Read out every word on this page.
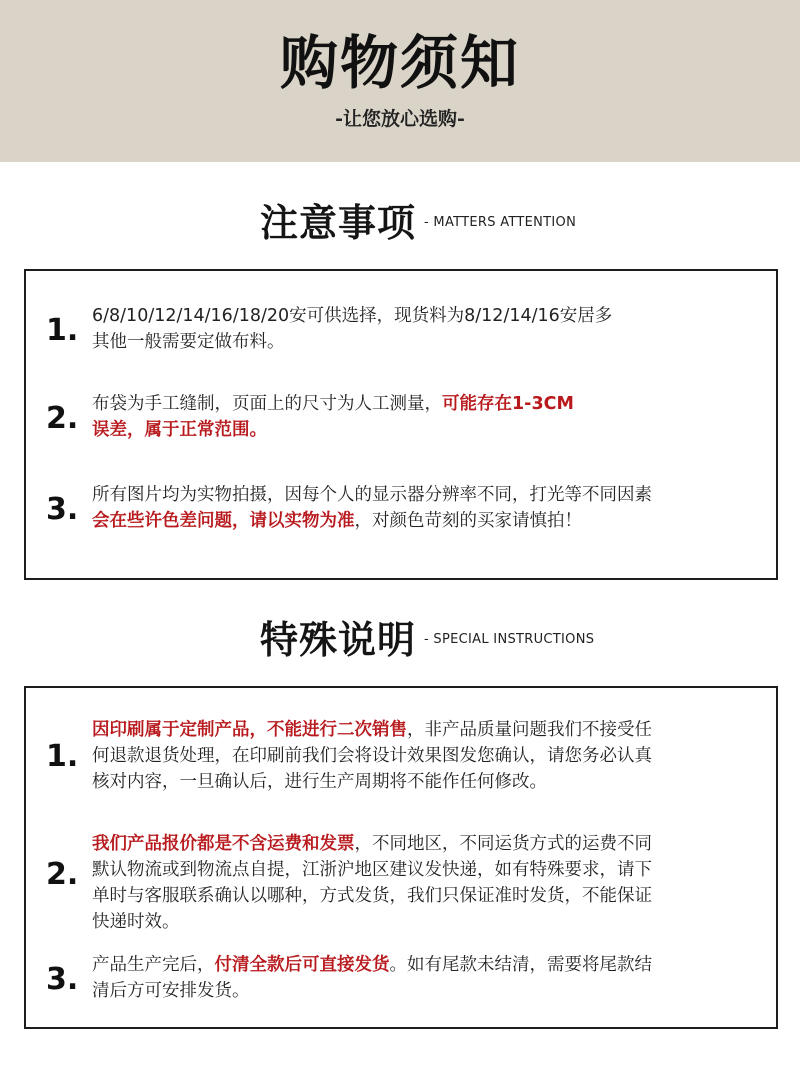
购物须知
-让您放心选购-
注意事项 - MATTERS ATTENTION
1. 6/8/10/12/14/16/18/20安可供选择，现货料为8/12/14/16安居多
其他一般需要定做布料。
2. 布袋为手工缝制，页面上的尺寸为人工测量，可能存在1-3CM
误差，属于正常范围。
3. 所有图片均为实物拍摄，因每个人的显示器分辨率不同，打光等不同因素
会在些许色差问题，请以实物为准，对颜色苛刻的买家请慎拍！
特殊说明 - SPECIAL INSTRUCTIONS
1.
因印刷属于定制产品，不能进行二次销售，非产品质量问题我们不接受任
何退款退货处理，在印刷前我们会将设计效果图发您确认，请您务必认真
核对内容，一旦确认后，进行生产周期将不能作任何修改。
2.
我们产品报价都是不含运费和发票，不同地区，不同运货方式的运费不同
默认物流或到物流点自提，江浙沪地区建议发快递，如有特殊要求，请下
单时与客服联系确认以哪种，方式发货，我们只保证准时发货，不能保证
快递时效。
3. 产品生产完后，付清全款后可直接发货。如有尾款未结清，需要将尾款结
清后方可安排发货。
